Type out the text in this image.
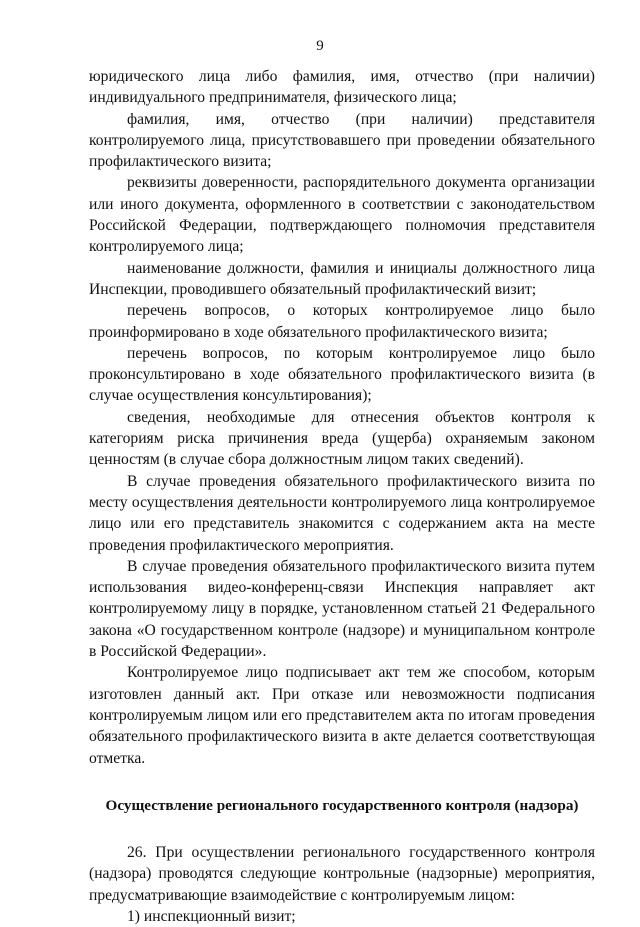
9

юридического лица либо фамилия, имя, отчество (при наличии) индивидуального предпринимателя, физического лица;

фамилия, имя, отчество (при наличии) представителя контролируемого лица, присутствовавшего при проведении обязательного профилактического визита;

реквизиты доверенности, распорядительного документа организации или иного документа, оформленного в соответствии с законодательством Российской Федерации, подтверждающего полномочия представителя контролируемого лица;

наименование должности, фамилия и инициалы должностного лица Инспекции, проводившего обязательный профилактический визит;

перечень вопросов, о которых контролируемое лицо было проинформировано в ходе обязательного профилактического визита;

перечень вопросов, по которым контролируемое лицо было проконсультировано в ходе обязательного профилактического визита (в случае осуществления консультирования);

сведения, необходимые для отнесения объектов контроля к категориям риска причинения вреда (ущерба) охраняемым законом ценностям (в случае сбора должностным лицом таких сведений).

В случае проведения обязательного профилактического визита по месту осуществления деятельности контролируемого лица контролируемое лицо или его представитель знакомится с содержанием акта на месте проведения профилактического мероприятия.

В случае проведения обязательного профилактического визита путем использования видео-конференц-связи Инспекция направляет акт контролируемому лицу в порядке, установленном статьей 21 Федерального закона «О государственном контроле (надзоре) и муниципальном контроле в Российской Федерации».

Контролируемое лицо подписывает акт тем же способом, которым изготовлен данный акт. При отказе или невозможности подписания контролируемым лицом или его представителем акта по итогам проведения обязательного профилактического визита в акте делается соответствующая отметка.

Осуществление регионального государственного контроля (надзора)

26. При осуществлении регионального государственного контроля (надзора) проводятся следующие контрольные (надзорные) мероприятия, предусматривающие взаимодействие с контролируемым лицом:

1) инспекционный визит;
